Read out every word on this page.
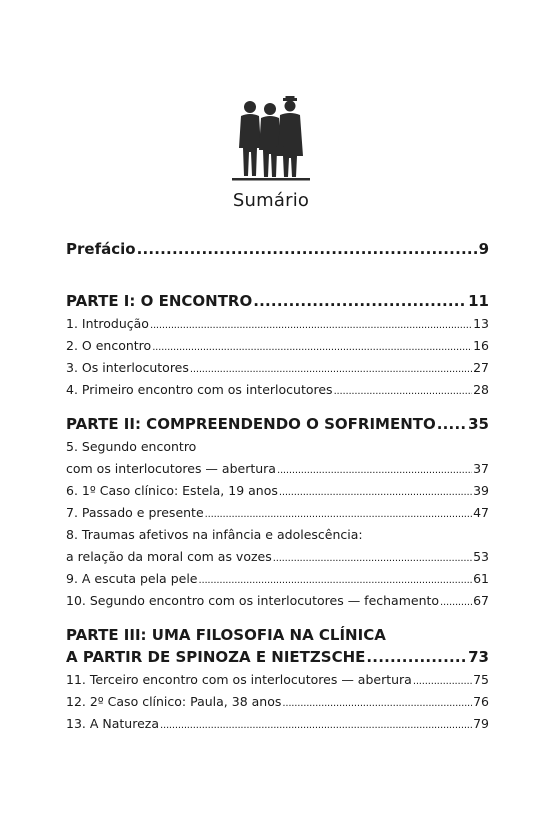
Sumário
Prefácio .....	9
PARTE I: O ENCONTRO .....	11
1. Introdução .....	13
2. O encontro .....	16
3. Os interlocutores .....	27
4. Primeiro encontro com os interlocutores .....	28
PARTE II: COMPREENDENDO O SOFRIMENTO ..... 35
5. Segundo encontro
com os interlocutores — abertura .....	37
6. 1º Caso clínico: Estela, 19 anos .....	39
7. Passado e presente .....	47
8. Traumas afetivos na infância e adolescência:
a relação da moral com as vozes .....	53
9. A escuta pela pele .....	61
10. Segundo encontro com os interlocutores — fechamento .....	67
PARTE III: UMA FILOSOFIA NA CLÍNICA
A PARTIR DE SPINOZA E NIETZSCHE .....	73
11. Terceiro encontro com os interlocutores — abertura .....	75
12. 2º Caso clínico: Paula, 38 anos .....	76
13. A Natureza .....	79
